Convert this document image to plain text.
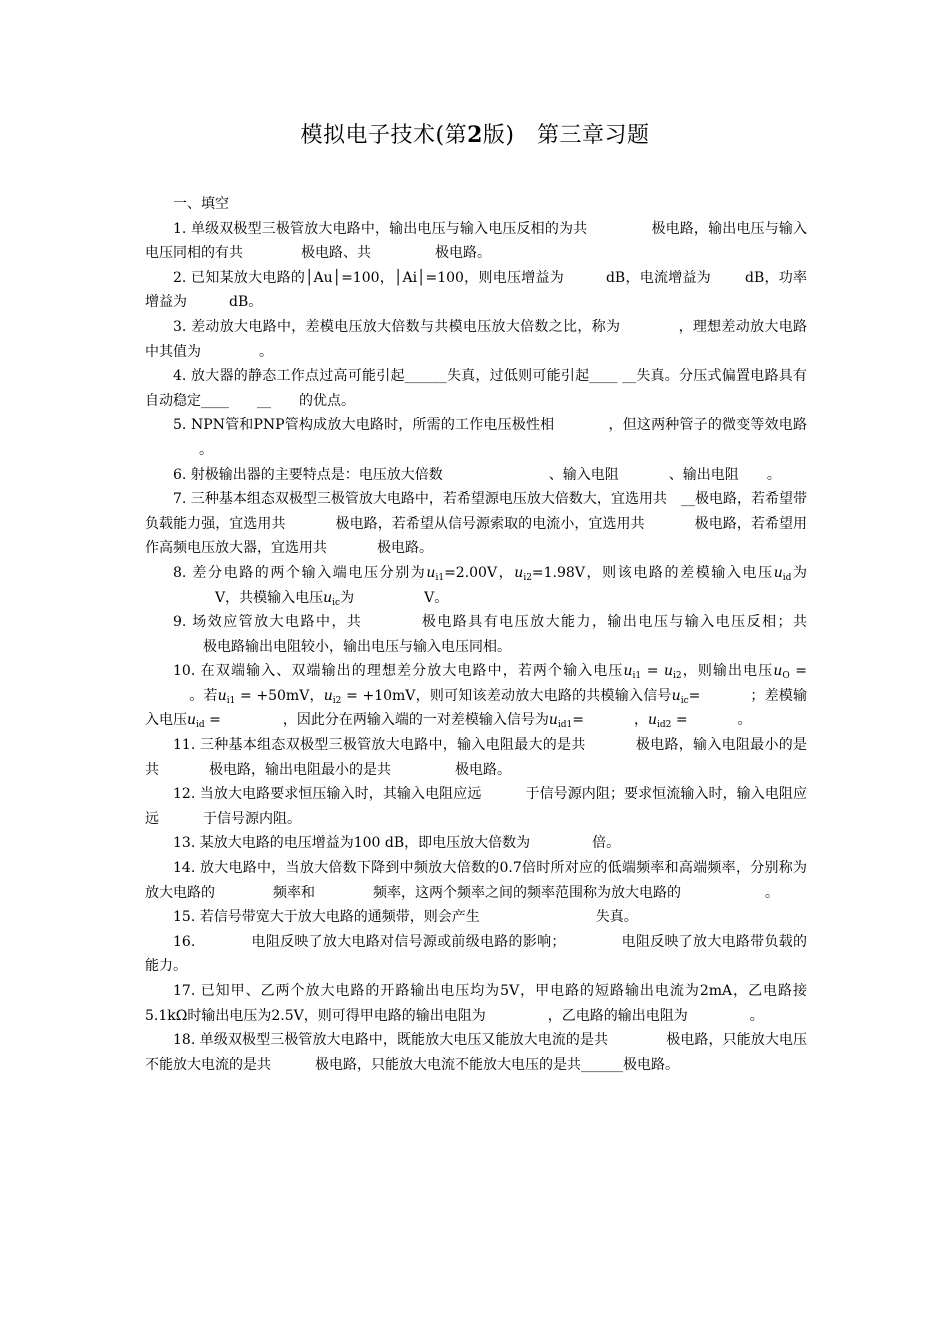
模拟电子技术(第2版)　第三章习题

一、填空

1. 单级双极型三极管放大电路中，输出电压与输入电压反相的为共	极电路，输出电压与输入电压同相的有共	极电路、共	极电路。

2. 已知某放大电路的│Au│=100，│Ai│=100，则电压增益为	dB，电流增益为 dB，功率增益为	dB。

3. 差动放大电路中，差模电压放大倍数与共模电压放大倍数之比，称为	，理想差动放大电路中其值为	。

4. 放大器的静态工作点过高可能引起______失真，过低则可能引起____ __失真。分压式偏置电路具有自动稳定____　　__　　的优点。

5. NPN管和PNP管构成放大电路时，所需的工作电压极性相	，但这两种管子的微变等效电路。

6. 射极输出器的主要特点是：电压放大倍数	、输入电阻	、输出电阻 。

7. 三种基本组态双极型三极管放大电路中，若希望源电压放大倍数大，宜选用共 __极电路，若希望带负载能力强，宜选用共	极电路，若希望从信号源索取的电流小，宜选用共	极电路，若希望用作高频电压放大器，宜选用共	极电路。

8. 差分电路的两个输入端电压分别为$u_{i1}=2.00V$，$u_{i2}=1.98V$，则该电路的差模输入电压$u_{id}$为V，共模输入电压$u_{ic}$为	V。

9. 场效应管放大电路中，共	极电路具有电压放大能力，输出电压与输入电压反相；共极电路输出电阻较小，输出电压与输入电压同相。

10. 在双端输入、双端输出的理想差分放大电路中，若两个输入电压$u_{i1} = u_{i2}$，则输出电压$u_O$ =。若$u_{i1} = +50mV$，$u_{i2} = +10mV$，则可知该差动放大电路的共模输入信号$u_{ic}=$	；差模输入电压$u_{id}$ =	，因此分在两输入端的一对差模输入信号为$u_{id1}=$	，$u_{id2}$ =	。

11. 三种基本组态双极型三极管放大电路中，输入电阻最大的是共	极电路，输入电阻最小的是共	极电路，输出电阻最小的是共	极电路。

12. 当放大电路要求恒压输入时，其输入电阻应远	于信号源内阻；要求恒流输入时，输入电阻应远	于信号源内阻。

13. 某放大电路的电压增益为100 dB，即电压放大倍数为	倍。

14. 放大电路中，当放大倍数下降到中频放大倍数的0.7倍时所对应的低端频率和高端频率，分别称为放大电路的	频率和	频率，这两个频率之间的频率范围称为放大电路的	。

15. 若信号带宽大于放大电路的通频带，则会产生	失真。

16.	电阻反映了放大电路对信号源或前级电路的影响；	电阻反映了放大电路带负载的能力。

17. 已知甲、乙两个放大电路的开路输出电压均为5V，甲电路的短路输出电流为2mA，乙电路接5.1kΩ时输出电压为2.5V，则可得甲电路的输出电阻为	，乙电路的输出电阻为	。

18. 单级双极型三极管放大电路中，既能放大电压又能放大电流的是共	极电路，只能放大电压不能放大电流的是共	极电路，只能放大电流不能放大电压的是共______极电路。
